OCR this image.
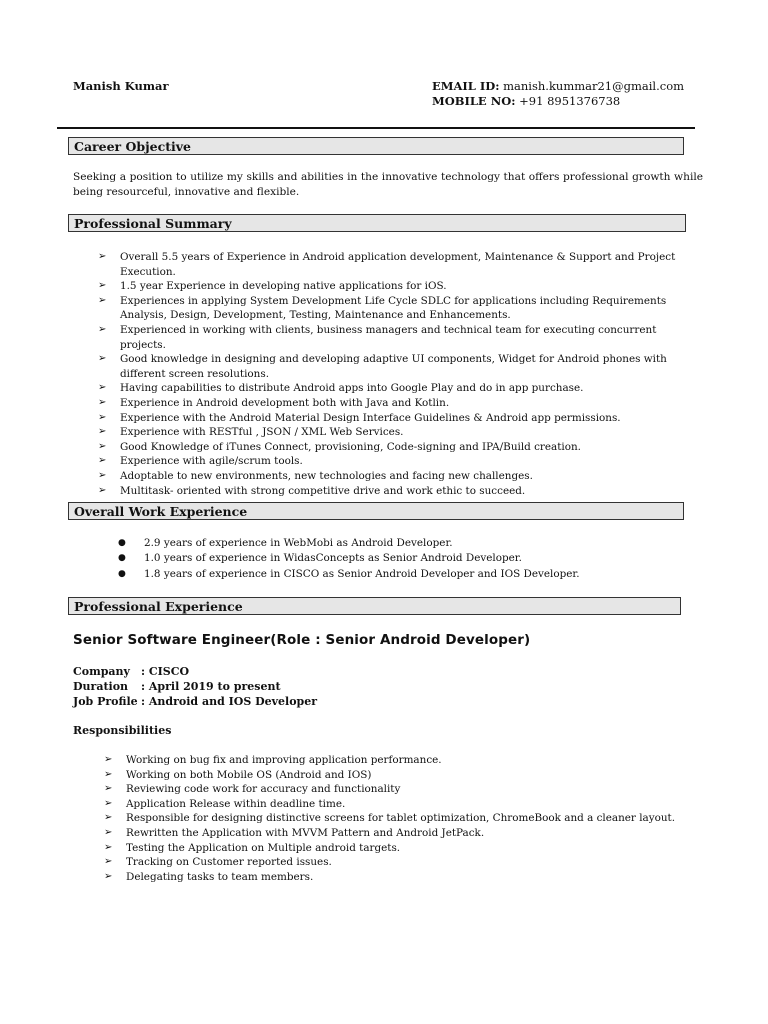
Manish Kumar	EMAIL ID: manish.kummar21@gmail.com
MOBILE NO: +91 8951376738
Career Objective
Seeking a position to utilize my skills and abilities in the innovative technology that offers professional growth while being resourceful, innovative and flexible.
Professional Summary
➢ Overall 5.5 years of Experience in Android application development, Maintenance & Support and Project Execution.
➢ 1.5 year Experience in developing native applications for iOS.
➢ Experiences in applying System Development Life Cycle SDLC for applications including Requirements Analysis, Design, Development, Testing, Maintenance and Enhancements.
➢ Experienced in working with clients, business managers and technical team for executing concurrent projects.
➢ Good knowledge in designing and developing adaptive UI components, Widget for Android phones with different screen resolutions.
➢ Having capabilities to distribute Android apps into Google Play and do in app purchase.
➢ Experience in Android development both with Java and Kotlin.
➢ Experience with the Android Material Design Interface Guidelines & Android app permissions.
➢ Experience with RESTful , JSON / XML Web Services.
➢ Good Knowledge of iTunes Connect, provisioning, Code-signing and IPA/Build creation.
➢ Experience with agile/scrum tools.
➢ Adoptable to new environments, new technologies and facing new challenges.
➢ Multitask- oriented with strong competitive drive and work ethic to succeed.
Overall Work Experience
● 2.9 years of experience in WebMobi as Android Developer.
● 1.0 years of experience in WidasConcepts as Senior Android Developer.
● 1.8 years of experience in CISCO as Senior Android Developer and IOS Developer.
Professional Experience
Senior Software Engineer(Role : Senior Android Developer)
Company : CISCO
Duration : April 2019 to present
Job Profile : Android and IOS Developer
Responsibilities
➢ Working on bug fix and improving application performance.
➢ Working on both Mobile OS (Android and IOS)
➢ Reviewing code work for accuracy and functionality
➢ Application Release within deadline time.
➢ Responsible for designing distinctive screens for tablet optimization, ChromeBook and a cleaner layout.
➢ Rewritten the Application with MVVM Pattern and Android JetPack.
➢ Testing the Application on Multiple android targets.
➢ Tracking on Customer reported issues.
➢ Delegating tasks to team members.
